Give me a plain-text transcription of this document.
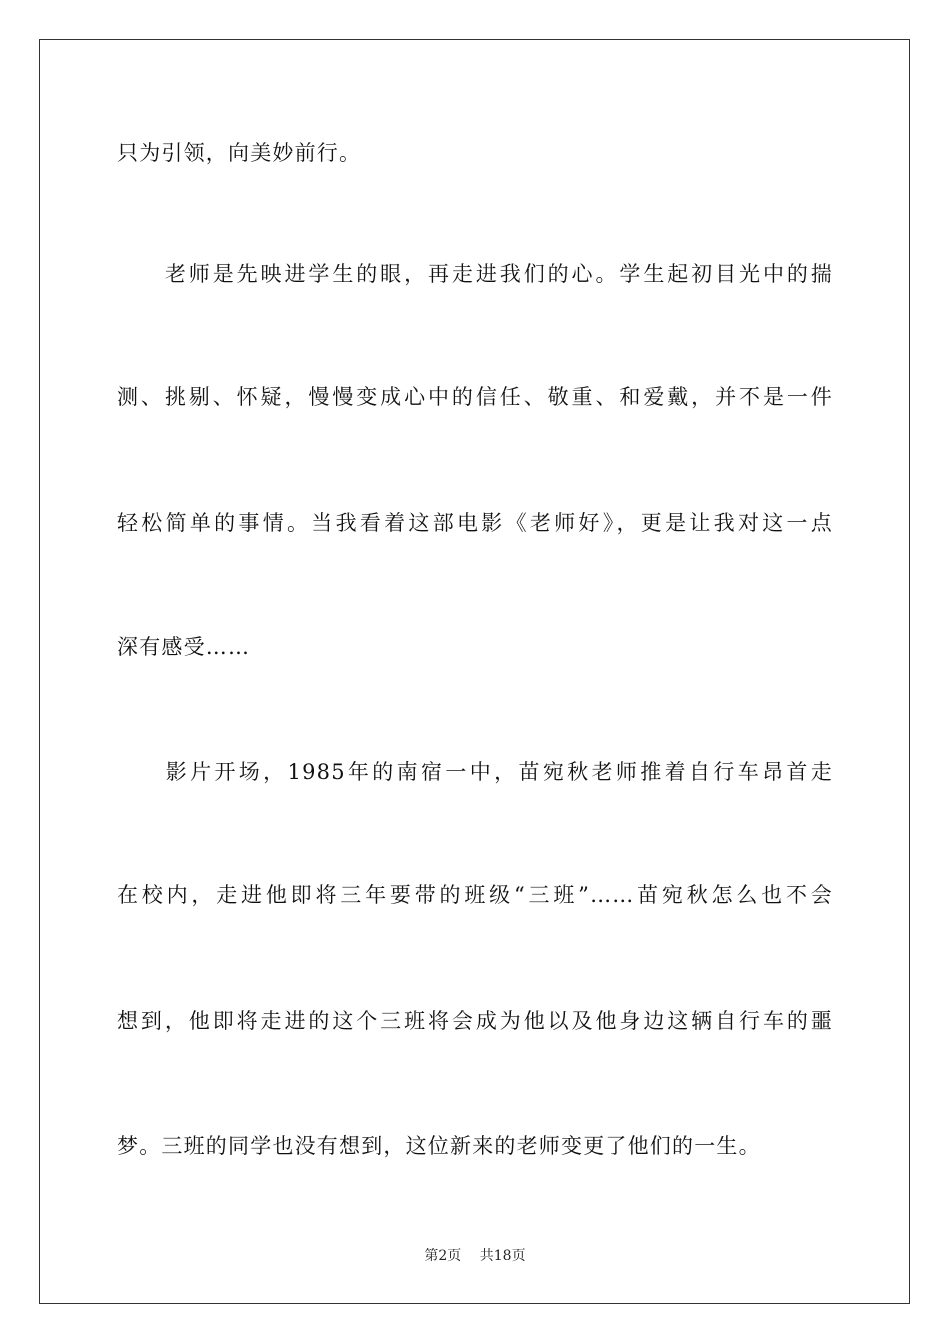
只为引领，向美妙前行。
　　老师是先映进学生的眼，再走进我们的心。学生起初目光中的揣
测、挑剔、怀疑，慢慢变成心中的信任、敬重、和爱戴，并不是一件
轻松简单的事情。当我看着这部电影《老师好》，更是让我对这一点
深有感受……
　　影片开场，1985年的南宿一中，苗宛秋老师推着自行车昂首走
在校内，走进他即将三年要带的班级“三班”……苗宛秋怎么也不会
想到，他即将走进的这个三班将会成为他以及他身边这辆自行车的噩
梦。三班的同学也没有想到，这位新来的老师变更了他们的一生。
第2页　 共18页
